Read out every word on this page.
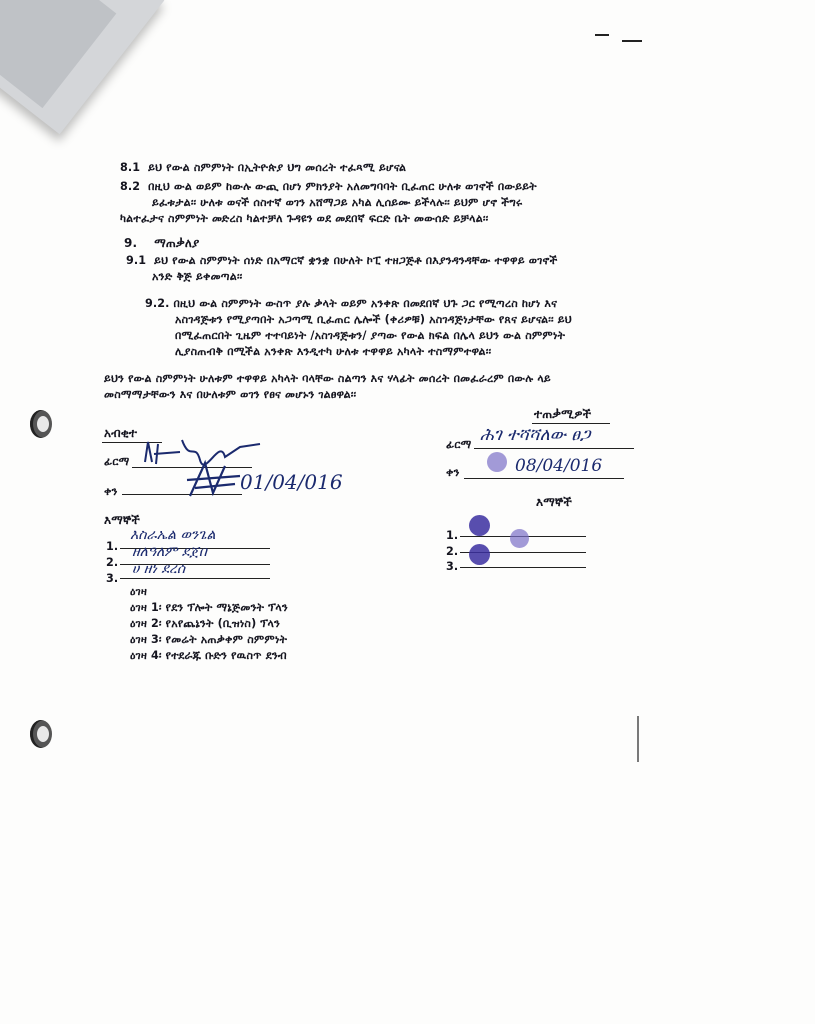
8.1 ይህ የውል ስምምነት በኢትዮጵያ ህግ መሰረት ተፈጻሚ ይሆናል
8.2 በዚህ ውል ወይም ከውሉ ውጪ በሆነ ምክንያት አለመግባባት ቢፈጠር ሁለቱ ወገኖች በውይይት
ይፈቱታል፡፡ ሁለቱ ወናች ሰስተኛ ወገን አሸማጋይ አካል ሊሰይሙ ይችላሉ፡፡ ይህም ሆኖ ችግሩ
ካልተፈታና ስምምነት መድረስ ካልተቻለ ጉዳዩን ወደ መደበኛ ፍርድ ቤት መውሰድ ይቻላል፡፡
9. ማጠቃለያ
9.1 ይህ የውል ስምምነት ሰነድ በአማርኛ ቋንቋ በሁለት ኮፒ ተዘጋጅቶ በእያንዳንዳቸው ተዋዋይ ወገኖች
አንድ ቅጅ ይቀመጣል፡፡
9.2. በዚህ ውል ስምምነት ውስጥ ያሉ ቃላት ወይም አንቀጽ በመደበኛ ህጉ ጋር የሚጣረስ ከሆነ እና
አስገዳጅቱን የሚያጣበት አጋጣሚ ቢፈጠር ሌሎች (ቀሪዎቹ) አስገዳጅነታቸው የጸና ይሆናል፡፡ ይህ
በሚፈጠርበት ጊዜም ተተባይነት /አስገዳጅቱን/ ያጣው የውል ክፍል በሌላ ይህን ውል ስምምነት
ሊያስጠብቅ በሚችል አንቀጽ እንዲተካ ሁለቱ ተዋዋይ አካላት ተስማምተዋል፡፡
ይህን የውል ስምምነት ሁለቱም ተዋዋይ አካላት ባላቸው ስልጣን እና ሃላፊት መሰረት በመፈራረም በውሉ ላይ
መስማማታቸውን እና በሁለቱም ወገን የፀና መሆኑን ገልፀዋል፡፡
አብቂተ
ፊርማ
ቀን	01/04/016
እማኞች
1.
እስራኤል ወንጌል
2.
ዘለዓለም ደጀበ
3.
ሀ ዘነ ደረሰ
ዕገዛ
ዕገዛ 1፡ የደን ፕሎት ማኔጅመንት ፕላን
ዕገዛ 2፡ የአየጨኔንት (ቢዝነስ) ፕላን
ዕገዛ 3፡ የመሬት አጠቃቀም ስምምነት
ዕገዛ 4፡ የተደራጁ ቡድን የዉስጥ ደንብ
ተጠቃሚዎች
ፊርማ ሕገ ተሻሻለው ፀጋ
ቀን	08/04/016
እማኞች
1.
2.
3.
